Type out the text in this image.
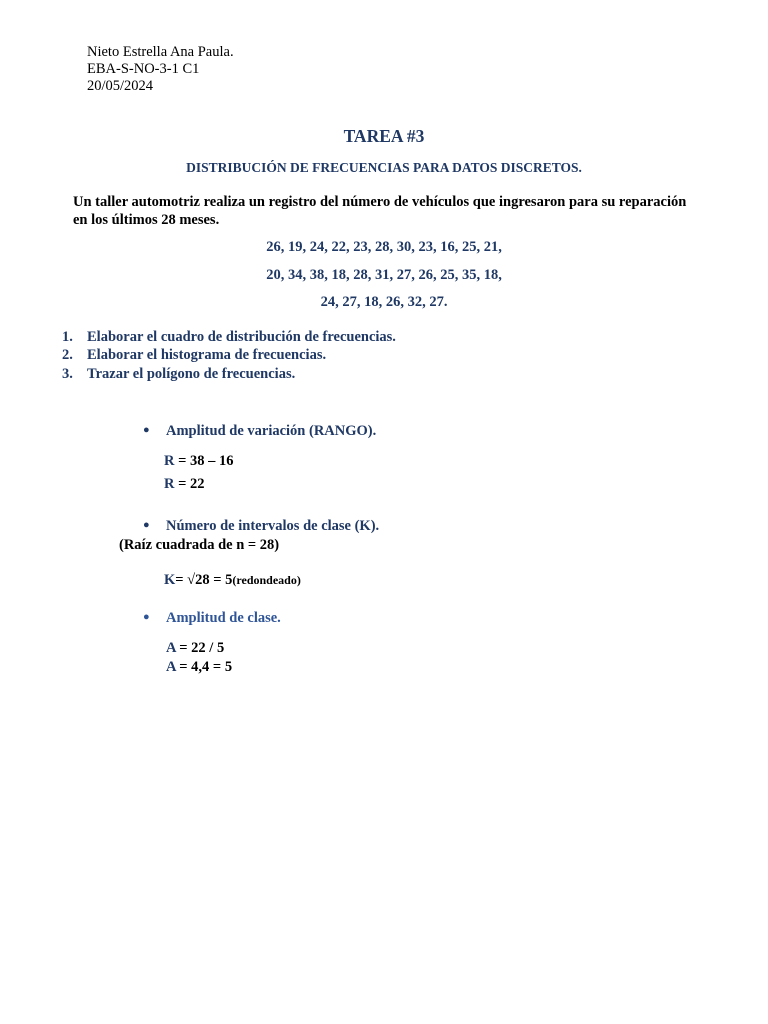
Nieto Estrella Ana Paula.
EBA-S-NO-3-1 C1
20/05/2024
TAREA #3
DISTRIBUCIÓN DE FRECUENCIAS PARA DATOS DISCRETOS.
Un taller automotriz realiza un registro del número de vehículos que ingresaron para su reparación en los últimos 28 meses.
26, 19, 24, 22, 23, 28, 30, 23, 16, 25, 21,
20, 34, 38, 18, 28, 31, 27, 26, 25, 35, 18,
24, 27, 18, 26, 32, 27.
1. Elaborar el cuadro de distribución de frecuencias.
2. Elaborar el histograma de frecuencias.
3. Trazar el polígono de frecuencias.
● Amplitud de variación (RANGO).
R = 38 – 16
R = 22
● Número de intervalos de clase (K).
(Raíz cuadrada de n = 28)
K= √28 = 5(redondeado)
● Amplitud de clase.
A = 22 / 5
A = 4,4 = 5
